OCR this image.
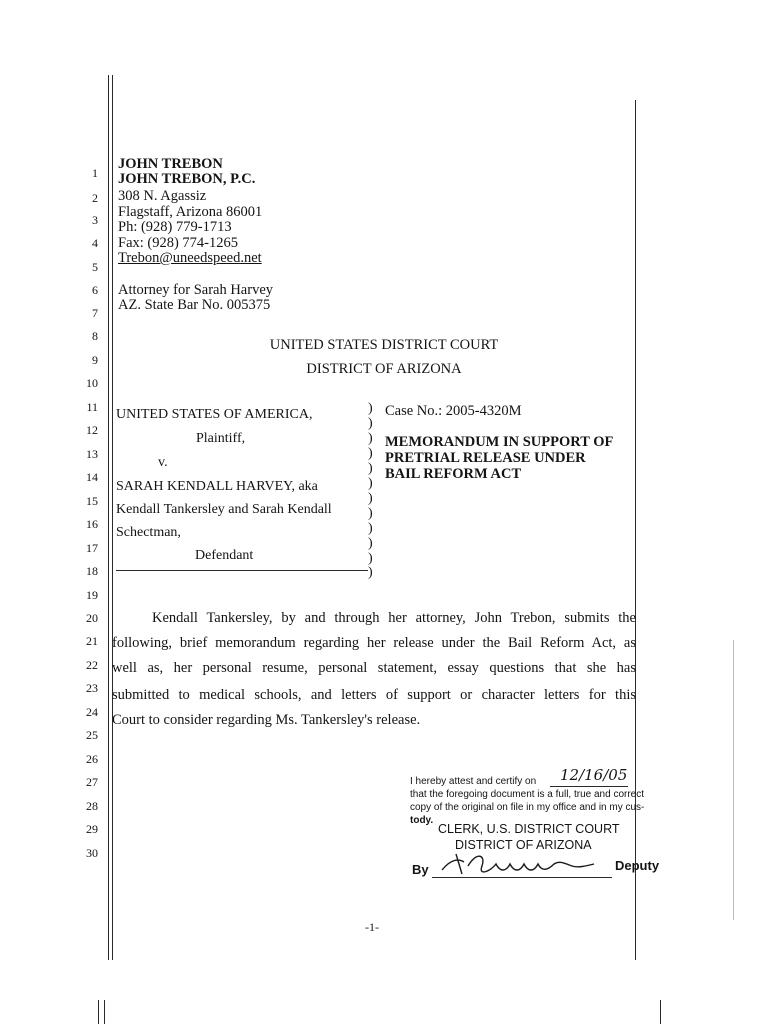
1
2
3
4
5
6
7
8
9
10
11
12
13
14
15
16
17
18
19
20
21
22
23
24
25
26
27
28
29
30
JOHN TREBON
JOHN TREBON, P.C.
308 N. Agassiz
Flagstaff, Arizona 86001
Ph: (928) 779-1713
Fax: (928) 774-1265
Trebon@uneedspeed.net
Attorney for Sarah Harvey
AZ. State Bar No. 005375
UNITED STATES DISTRICT COURT
DISTRICT OF ARIZONA
UNITED STATES OF AMERICA,
Plaintiff,
v.
SARAH KENDALL HARVEY, aka
Kendall Tankersley and Sarah Kendall
Schectman,
Defendant
)
)
)
)
)
)
)
)
)
)
)
)
Case No.: 2005-4320M
MEMORANDUM IN SUPPORT OF
PRETRIAL RELEASE UNDER
BAIL REFORM ACT
Kendall Tankersley, by and through her attorney, John Trebon, submits the
following, brief memorandum regarding her release under the Bail Reform Act, as
well as, her personal resume, personal statement, essay questions that she has
submitted to medical schools, and letters of support or character letters for this
Court to consider regarding Ms. Tankersley's release.
I hereby attest and certify on 12/16/05
that the foregoing document is a full, true and correct
copy of the original on file in my office and in my cus-
tody.
CLERK, U.S. DISTRICT COURT
DISTRICT OF ARIZONA
By	Deputy
-1-
